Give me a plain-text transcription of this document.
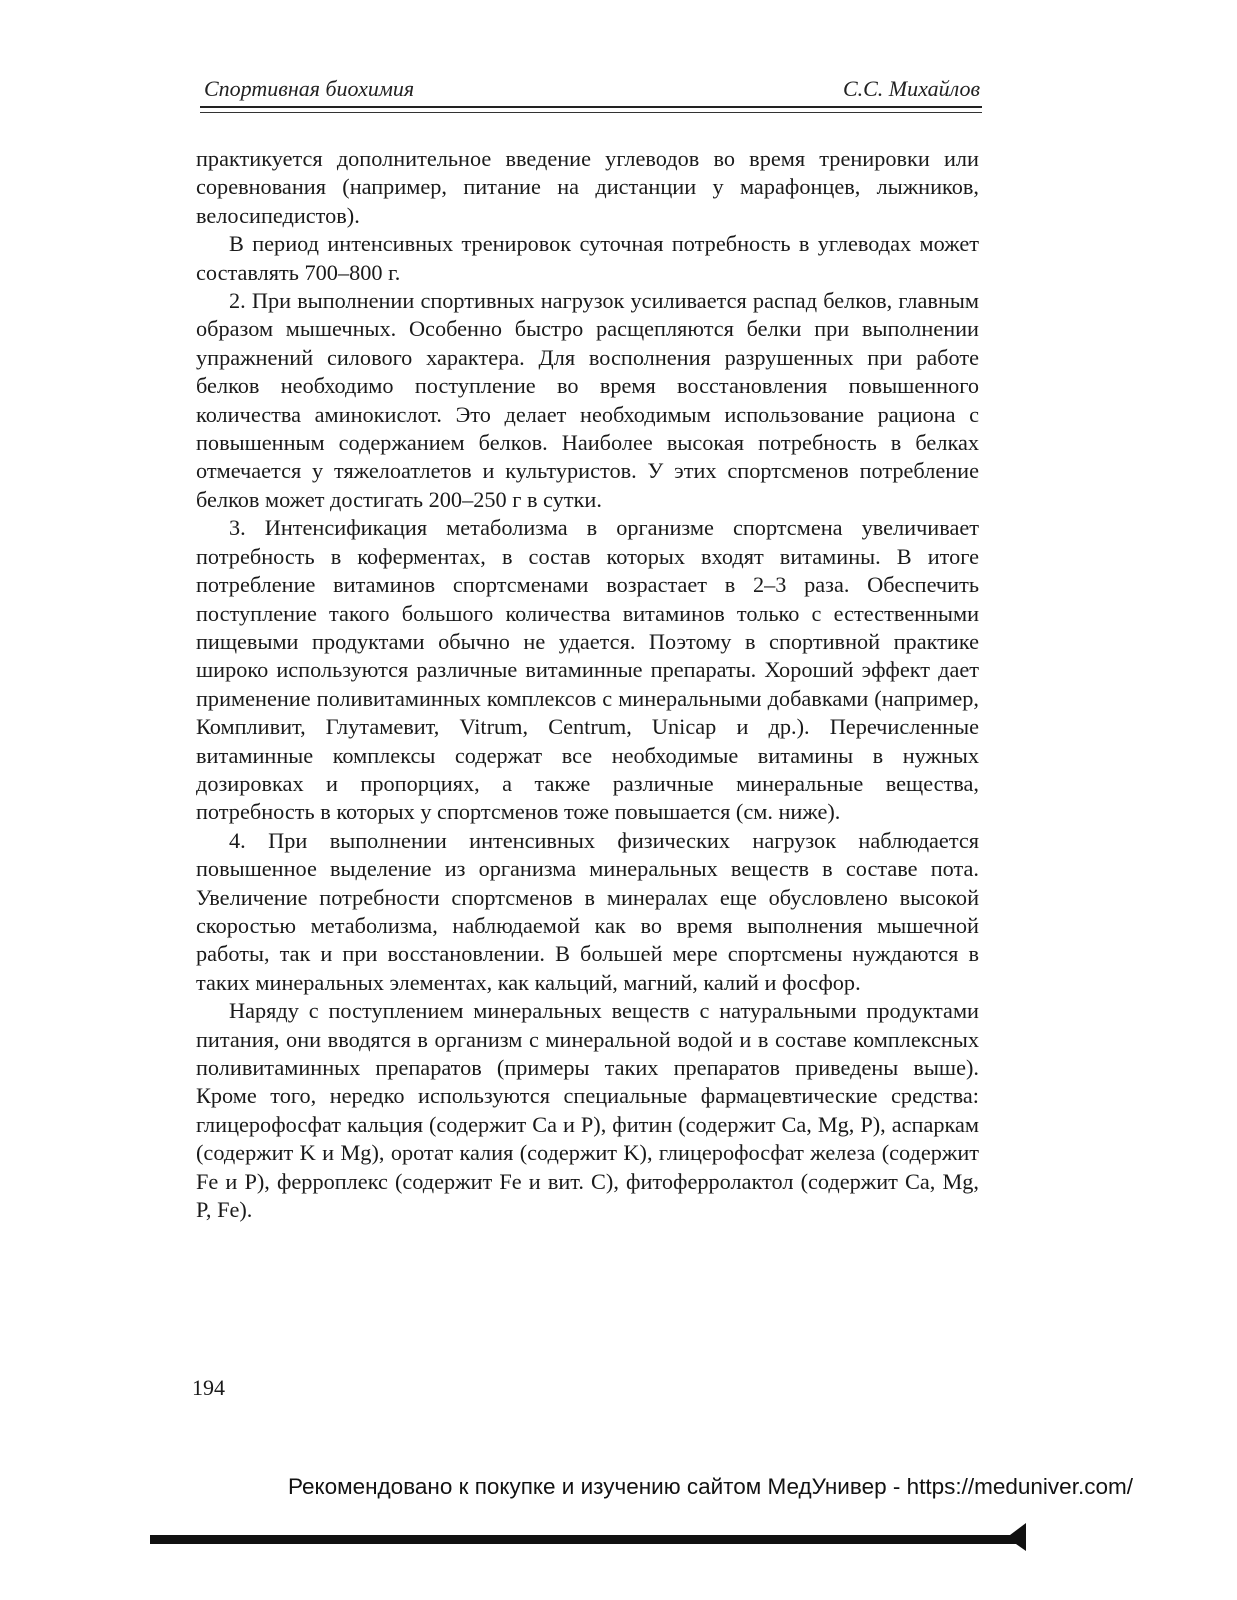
Спортивная биохимия	С.С. Михайлов

практикуется дополнительное введение углеводов во время тренировки или соревнования (например, питание на дистанции у марафонцев, лыжников, велосипедистов).

В период интенсивных тренировок суточная потребность в углеводах может составлять 700–800 г.

2. При выполнении спортивных нагрузок усиливается распад белков, главным образом мышечных. Особенно быстро расщепляются белки при выполнении упражнений силового характера. Для восполнения разрушенных при работе белков необходимо поступление во время восстановления повышенного количества аминокислот. Это делает необходимым использование рациона с повышенным содержанием белков. Наиболее высокая потребность в белках отмечается у тяжелоатлетов и культуристов. У этих спортсменов потребление белков может достигать 200–250 г в сутки.

3. Интенсификация метаболизма в организме спортсмена увеличивает потребность в коферментах, в состав которых входят витамины. В итоге потребление витаминов спортсменами возрастает в 2–3 раза. Обеспечить поступление такого большого количества витаминов только с естественными пищевыми продуктами обычно не удается. Поэтому в спортивной практике широко используются различные витаминные препараты. Хороший эффект дает применение поливитаминных комплексов с минеральными добавками (например, Компливит, Глутамевит, Vitrum, Centrum, Unicap и др.). Перечисленные витаминные комплексы содержат все необходимые витамины в нужных дозировках и пропорциях, а также различные минеральные вещества, потребность в которых у спортсменов тоже повышается (см. ниже).

4. При выполнении интенсивных физических нагрузок наблюдается повышенное выделение из организма минеральных веществ в составе пота. Увеличение потребности спортсменов в минералах еще обусловлено высокой скоростью метаболизма, наблюдаемой как во время выполнения мышечной работы, так и при восстановлении. В большей мере спортсмены нуждаются в таких минеральных элементах, как кальций, магний, калий и фосфор.

Наряду с поступлением минеральных веществ с натуральными продуктами питания, они вводятся в организм с минеральной водой и в составе комплексных поливитаминных препаратов (примеры таких препаратов приведены выше). Кроме того, нередко используются специальные фармацевтические средства: глицерофосфат кальция (содержит Ca и P), фитин (содержит Ca, Mg, P), аспаркам (содержит K и Mg), оротат калия (содержит K), глицерофосфат железа (содержит Fe и P), ферроплекс (содержит Fe и вит. C), фитоферролактол (содержит Ca, Mg, P, Fe).

194
Рекомендовано к покупке и изучению сайтом МедУнивер - https://meduniver.com/
